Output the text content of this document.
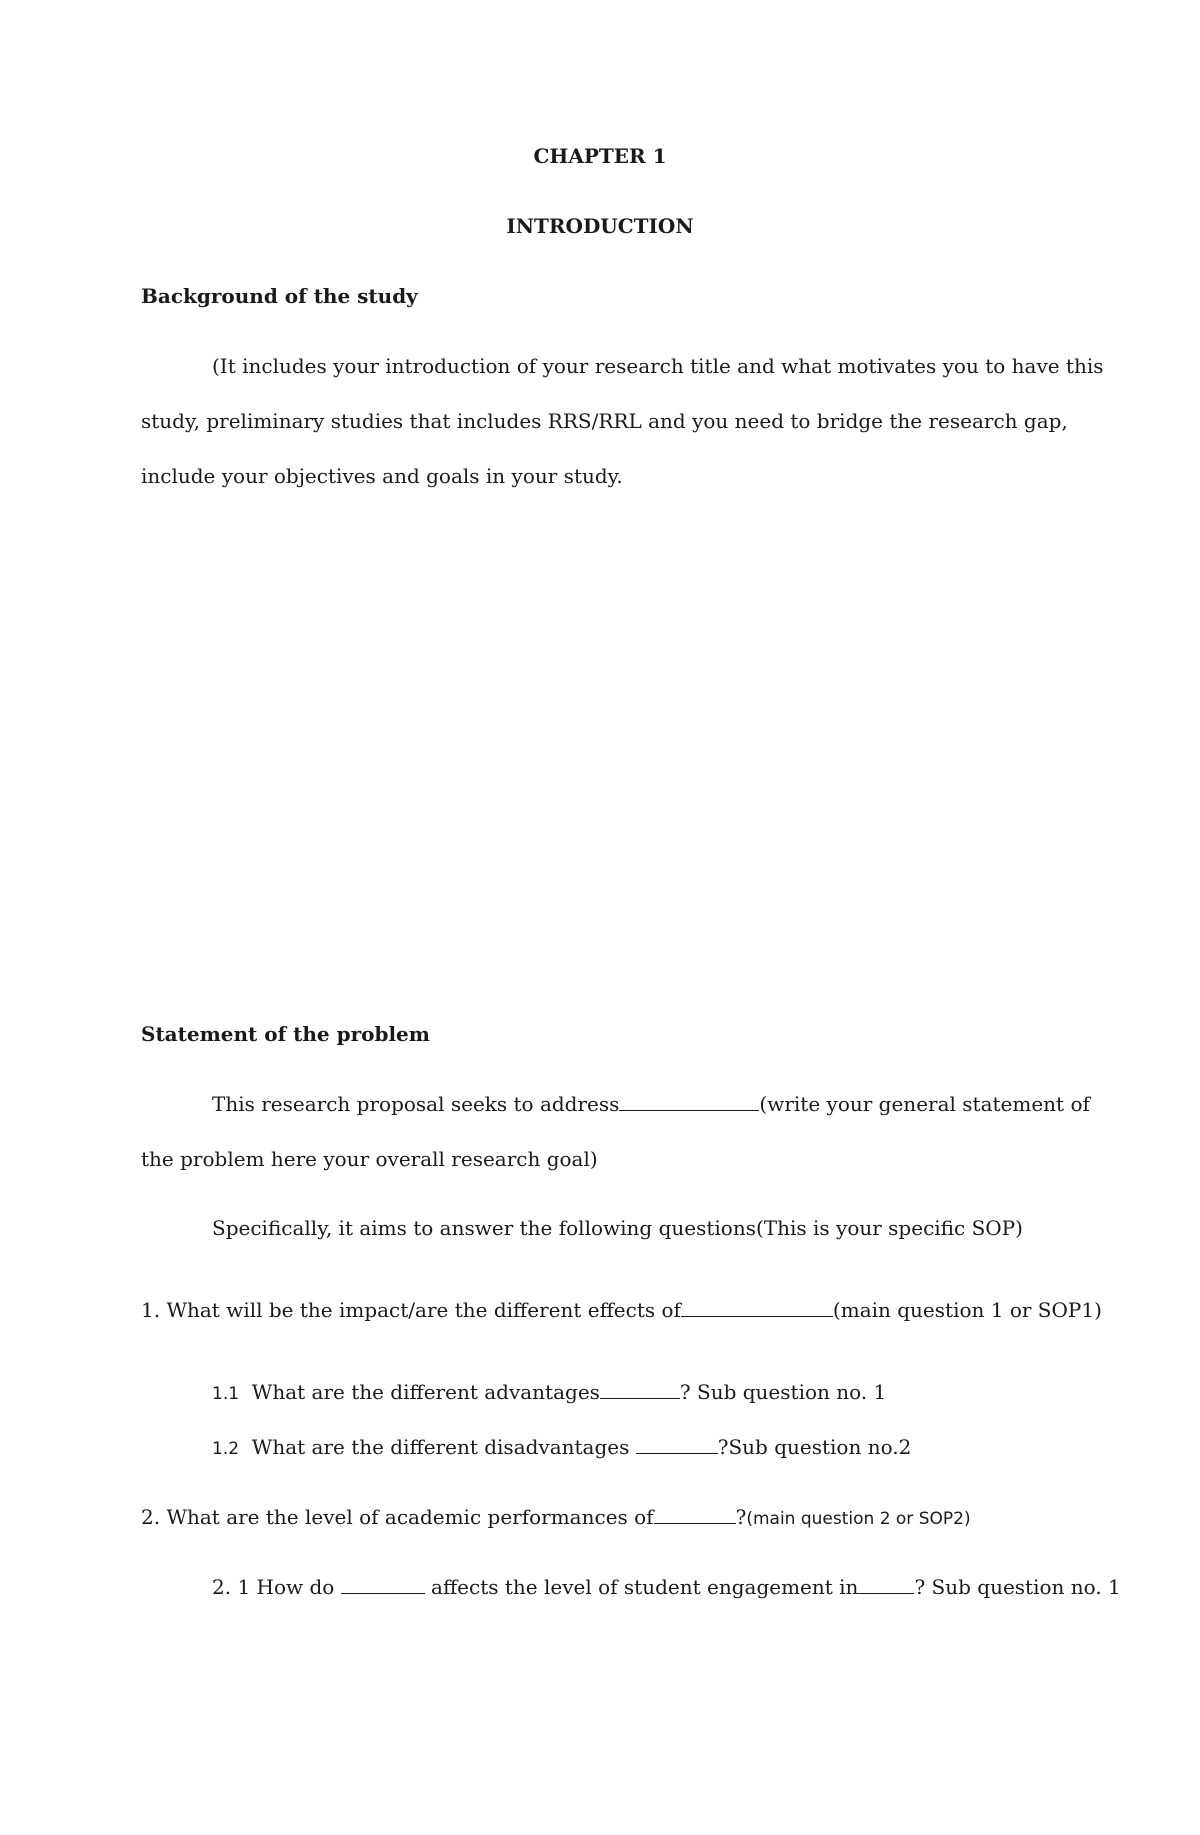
CHAPTER 1
INTRODUCTION
Background of the study
(It includes your introduction of your research title and what motivates you to have this
study, preliminary studies that includes RRS/RRL and you need to bridge the research gap,
include your objectives and goals in your study.
Statement of the problem
This research proposal seeks to address	(write your general statement of
the problem here your overall research goal)
Specifically, it aims to answer the following questions(This is your specific SOP)
1. What will be the impact/are the different effects of	(main question 1 or SOP1)
1.1 What are the different advantages	? Sub question no. 1
1.2 What are the different disadvantages	?Sub question no.2
2. What are the level of academic performances of	?(main question 2 or SOP2)
2. 1 How do	affects the level of student engagement in	? Sub question no. 1
